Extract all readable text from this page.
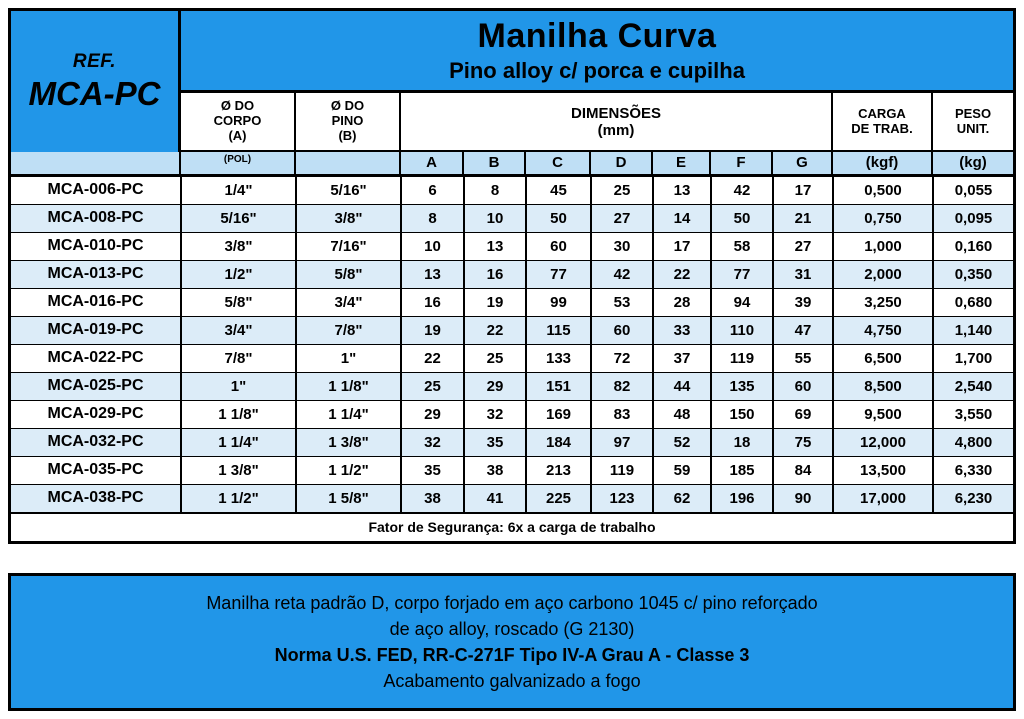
REF.
MCA-PC
Manilha Curva
Pino alloy c/ porca e cupilha
Ø DO
CORPO
(A)
Ø DO
PINO
(B)
DIMENSÕES
(mm)
CARGA
DE TRAB.
PESO
UNIT.

(POL)
	A	B	C	D	E	F	G	(kgf)	(kg)
MCA-006-PC	1/4"	5/16"	6	8	45	25	13	42	17	0,500	0,055
MCA-008-PC	5/16"	3/8"	8	10	50	27	14	50	21	0,750	0,095
MCA-010-PC	3/8"	7/16"	10	13	60	30	17	58	27	1,000	0,160
MCA-013-PC	1/2"	5/8"	13	16	77	42	22	77	31	2,000	0,350
MCA-016-PC	5/8"	3/4"	16	19	99	53	28	94	39	3,250	0,680
MCA-019-PC	3/4"	7/8"	19	22	115	60	33	110	47	4,750	1,140
MCA-022-PC	7/8"	1"	22	25	133	72	37	119	55	6,500	1,700
MCA-025-PC	1"	1 1/8"	25	29	151	82	44	135	60	8,500	2,540
MCA-029-PC	1 1/8"	1 1/4"	29	32	169	83	48	150	69	9,500	3,550
MCA-032-PC	1 1/4"	1 3/8"	32	35	184	97	52	18	75	12,000	4,800
MCA-035-PC	1 3/8"	1 1/2"	35	38	213	119	59	185	84	13,500	6,330
MCA-038-PC	1 1/2"	1 5/8"	38	41	225	123	62	196	90	17,000	6,230
Fator de Segurança: 6x a carga de trabalho
Manilha reta padrão D, corpo forjado em aço carbono 1045 c/ pino reforçado
de aço alloy, roscado (G 2130)
Norma U.S. FED, RR-C-271F Tipo IV-A Grau A - Classe 3
Acabamento galvanizado a fogo
